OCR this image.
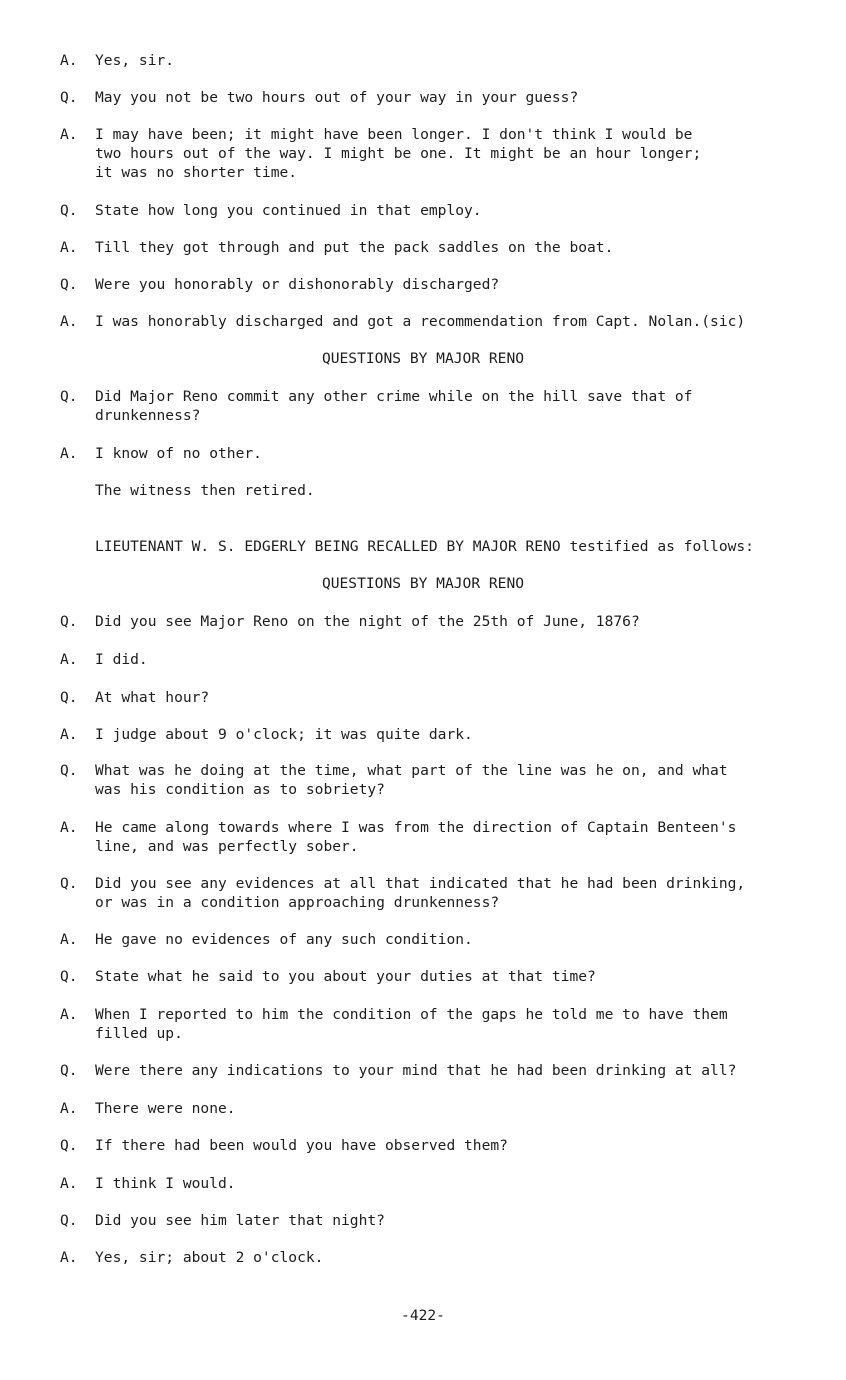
A.	Yes, sir.
Q.	May you not be two hours out of your way in your guess?
A.	I may have been; it might have been longer. I don't think I would be
two hours out of the way. I might be one. It might be an hour longer;
it was no shorter time.
Q.	State how long you continued in that employ.
A.	Till they got through and put the pack saddles on the boat.
Q.	Were you honorably or dishonorably discharged?
A.	I was honorably discharged and got a recommendation from Capt. Nolan.(sic)
QUESTIONS BY MAJOR RENO
Q.	Did Major Reno commit any other crime while on the hill save that of
drunkenness?
A.	I know of no other.
The witness then retired.
LIEUTENANT W. S. EDGERLY BEING RECALLED BY MAJOR RENO testified as follows:
QUESTIONS BY MAJOR RENO
Q.	Did you see Major Reno on the night of the 25th of June, 1876?
A.	I did.
Q.	At what hour?
A.	I judge about 9 o'clock; it was quite dark.
Q.	What was he doing at the time, what part of the line was he on, and what
was his condition as to sobriety?
A.	He came along towards where I was from the direction of Captain Benteen's
line, and was perfectly sober.
Q.	Did you see any evidences at all that indicated that he had been drinking,
or was in a condition approaching drunkenness?
A.	He gave no evidences of any such condition.
Q.	State what he said to you about your duties at that time?
A.	When I reported to him the condition of the gaps he told me to have them
filled up.
Q.	Were there any indications to your mind that he had been drinking at all?
A.	There were none.
Q.	If there had been would you have observed them?
A.	I think I would.
Q.	Did you see him later that night?
A.	Yes, sir; about 2 o'clock.
-422-
